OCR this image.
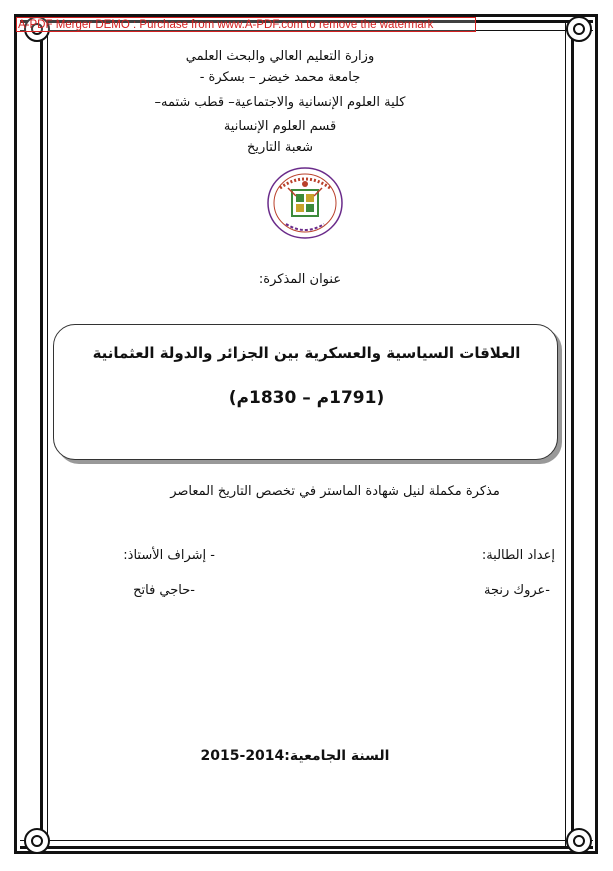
A-PDF Merger DEMO : Purchase from www.A-PDF.com to remove the watermark
وزارة التعليم العالي والبحث العلمي
جامعة محمد خيضر – بسكرة -
كلية العلوم الإنسانية والاجتماعية– قطب شتمه–
قسم العلوم الإنسانية
شعبة التاريخ
عنوان المذكرة:
العلاقات السياسية والعسكرية بين الجزائر والدولة العثمانية
(1791م – 1830م)
مذكرة مكملة لنيل شهادة الماستر في تخصص التاريخ المعاصر
إعداد الطالبة:
-عروك رنجة
- إشراف الأستاذ:
-حاجي فاتح
السنة الجامعية:2014-2015
